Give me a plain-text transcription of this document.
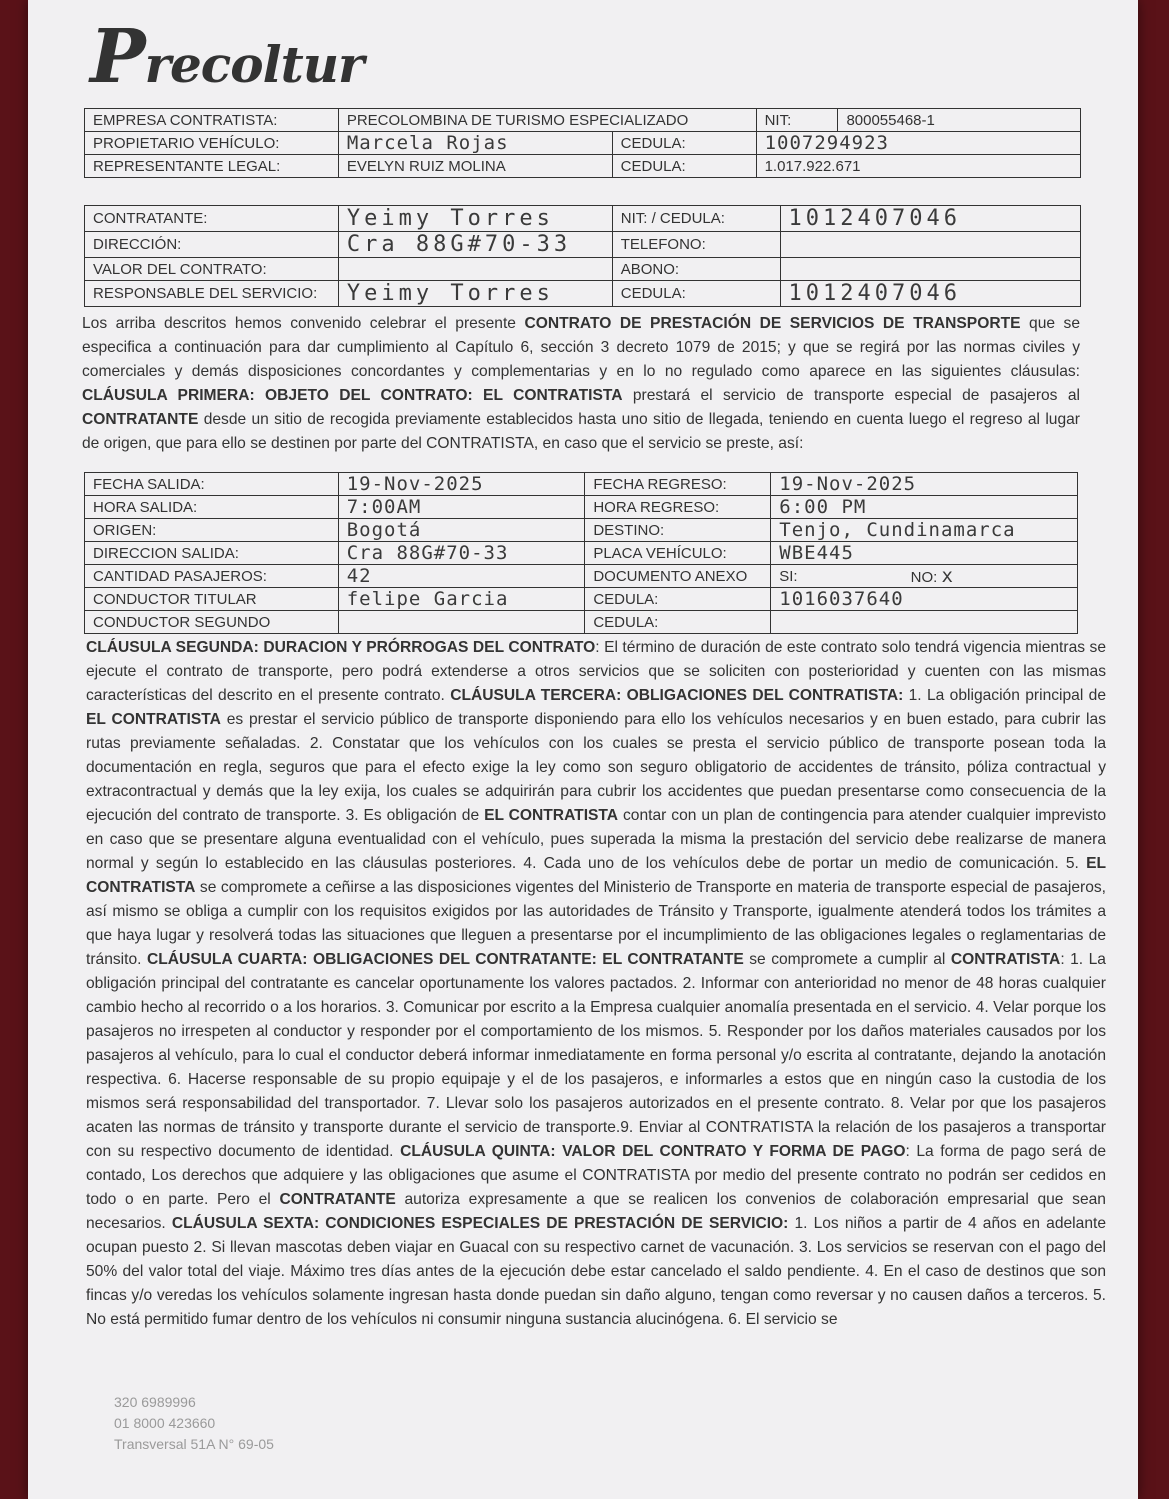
Precoltur
EMPRESA CONTRATISTA:	PRECOLOMBINA DE TURISMO ESPECIALIZADO		NIT:	800055468-1
PROPIETARIO VEHÍCULO:	Marcela Rojas	CEDULA:	1007294923	
REPRESENTANTE LEGAL:	EVELYN RUIZ MOLINA	CEDULA:	1.017.922.671	
CONTRATANTE:	Yeimy Torres	NIT: / CEDULA:	1012407046
DIRECCIÓN:	Cra 88G#70-33	TELEFONO:	
VALOR DEL CONTRATO:		ABONO:	
RESPONSABLE DEL SERVICIO:	Yeimy Torres	CEDULA:	1012407046

Los arriba descritos hemos convenido celebrar el presente CONTRATO DE PRESTACIÓN DE SERVICIOS DE TRANSPORTE que se especifica a continuación para dar cumplimiento al Capítulo 6, sección 3 decreto 1079 de 2015; y que se regirá por las normas civiles y comerciales y demás disposiciones concordantes y complementarias y en lo no regulado como aparece en las siguientes cláusulas: CLÁUSULA PRIMERA: OBJETO DEL CONTRATO: EL CONTRATISTA prestará el servicio de transporte especial de pasajeros al CONTRATANTE desde un sitio de recogida previamente establecidos hasta uno sitio de llegada, teniendo en cuenta luego el regreso al lugar de origen, que para ello se destinen por parte del CONTRATISTA, en caso que el servicio se preste, así:

FECHA SALIDA:	19-Nov-2025	FECHA REGRESO:	19-Nov-2025	
HORA SALIDA:	7:00AM	HORA REGRESO:	6:00 PM	
ORIGEN:	Bogotá	DESTINO:	Tenjo, Cundinamarca	
DIRECCION SALIDA:	Cra 88G#70-33	PLACA VEHÍCULO:	WBE445	
CANTIDAD PASAJEROS:	42	DOCUMENTO ANEXO	SI:	NO: x
CONDUCTOR TITULAR	felipe Garcia	CEDULA:	1016037640	
CONDUCTOR SEGUNDO		CEDULA:		

CLÁUSULA SEGUNDA: DURACION Y PRÓRROGAS DEL CONTRATO: El término de duración de este contrato solo tendrá vigencia mientras se ejecute el contrato de transporte, pero podrá extenderse a otros servicios que se soliciten con posterioridad y cuenten con las mismas características del descrito en el presente contrato. CLÁUSULA TERCERA: OBLIGACIONES DEL CONTRATISTA: 1. La obligación principal de EL CONTRATISTA es prestar el servicio público de transporte disponiendo para ello los vehículos necesarios y en buen estado, para cubrir las rutas previamente señaladas. 2. Constatar que los vehículos con los cuales se presta el servicio público de transporte posean toda la documentación en regla, seguros que para el efecto exige la ley como son seguro obligatorio de accidentes de tránsito, póliza contractual y extracontractual y demás que la ley exija, los cuales se adquirirán para cubrir los accidentes que puedan presentarse como consecuencia de la ejecución del contrato de transporte. 3. Es obligación de EL CONTRATISTA contar con un plan de contingencia para atender cualquier imprevisto en caso que se presentare alguna eventualidad con el vehículo, pues superada la misma la prestación del servicio debe realizarse de manera normal y según lo establecido en las cláusulas posteriores. 4. Cada uno de los vehículos debe de portar un medio de comunicación. 5. EL CONTRATISTA se compromete a ceñirse a las disposiciones vigentes del Ministerio de Transporte en materia de transporte especial de pasajeros, así mismo se obliga a cumplir con los requisitos exigidos por las autoridades de Tránsito y Transporte, igualmente atenderá todos los trámites a que haya lugar y resolverá todas las situaciones que lleguen a presentarse por el incumplimiento de las obligaciones legales o reglamentarias de tránsito. CLÁUSULA CUARTA: OBLIGACIONES DEL CONTRATANTE: EL CONTRATANTE se compromete a cumplir al CONTRATISTA: 1. La obligación principal del contratante es cancelar oportunamente los valores pactados. 2. Informar con anterioridad no menor de 48 horas cualquier cambio hecho al recorrido o a los horarios. 3. Comunicar por escrito a la Empresa cualquier anomalía presentada en el servicio. 4. Velar porque los pasajeros no irrespeten al conductor y responder por el comportamiento de los mismos. 5. Responder por los daños materiales causados por los pasajeros al vehículo, para lo cual el conductor deberá informar inmediatamente en forma personal y/o escrita al contratante, dejando la anotación respectiva. 6. Hacerse responsable de su propio equipaje y el de los pasajeros, e informarles a estos que en ningún caso la custodia de los mismos será responsabilidad del transportador. 7. Llevar solo los pasajeros autorizados en el presente contrato. 8. Velar por que los pasajeros acaten las normas de tránsito y transporte durante el servicio de transporte.9. Enviar al CONTRATISTA la relación de los pasajeros a transportar con su respectivo documento de identidad. CLÁUSULA QUINTA: VALOR DEL CONTRATO Y FORMA DE PAGO: La forma de pago será de contado, Los derechos que adquiere y las obligaciones que asume el CONTRATISTA por medio del presente contrato no podrán ser cedidos en todo o en parte. Pero el CONTRATANTE autoriza expresamente a que se realicen los convenios de colaboración empresarial que sean necesarios. CLÁUSULA SEXTA: CONDICIONES ESPECIALES DE PRESTACIÓN DE SERVICIO: 1. Los niños a partir de 4 años en adelante ocupan puesto 2. Si llevan mascotas deben viajar en Guacal con su respectivo carnet de vacunación. 3. Los servicios se reservan con el pago del 50% del valor total del viaje. Máximo tres días antes de la ejecución debe estar cancelado el saldo pendiente. 4. En el caso de destinos que son fincas y/o veredas los vehículos solamente ingresan hasta donde puedan sin daño alguno, tengan como reversar y no causen daños a terceros. 5. No está permitido fumar dentro de los vehículos ni consumir ninguna sustancia alucinógena. 6. El servicio se

320 6989996
01 8000 423660
Transversal 51A N° 69-05
